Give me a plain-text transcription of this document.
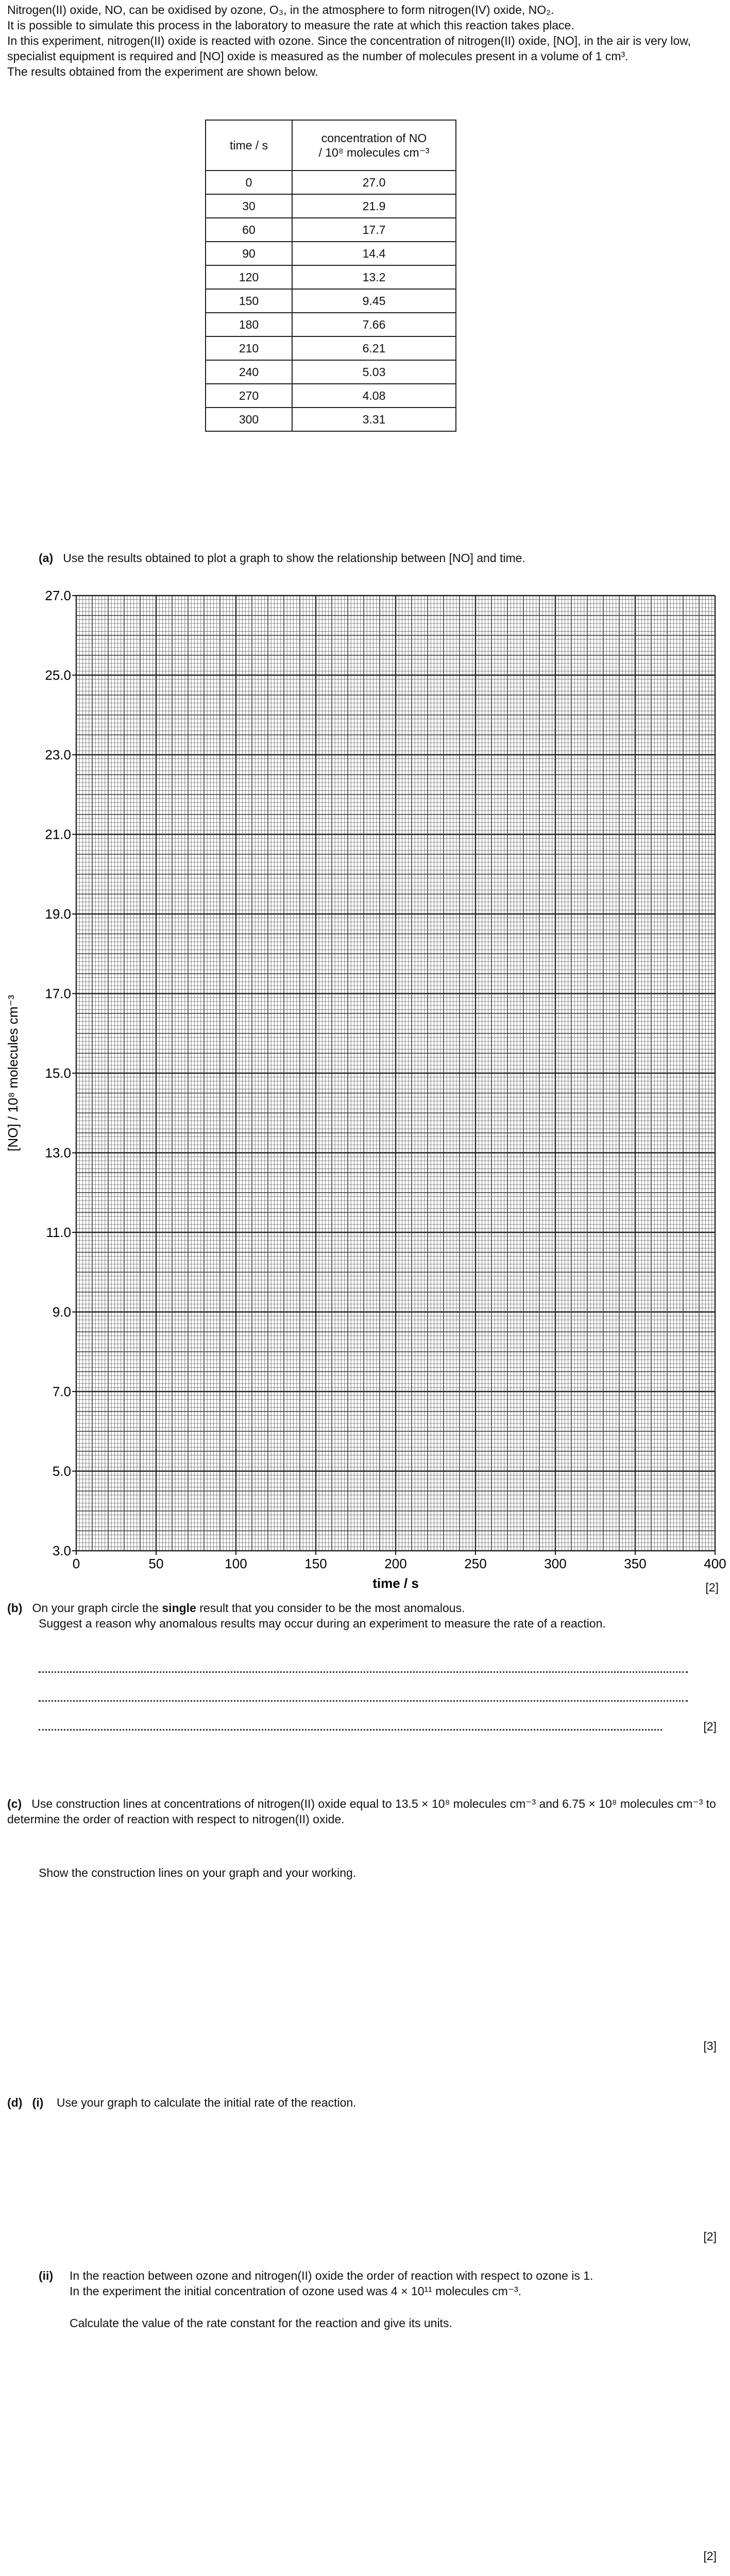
Nitrogen(II) oxide, NO, can be oxidised by ozone, O₃, in the atmosphere to form nitrogen(IV) oxide, NO₂.

It is possible to simulate this process in the laboratory to measure the rate at which this reaction takes place.

In this experiment, nitrogen(II) oxide is reacted with ozone. Since the concentration of nitrogen(II) oxide, [NO], in the air is very low, specialist equipment is required and [NO] oxide is measured as the number of molecules present in a volume of 1 cm³.

The results obtained from the experiment are shown below.

time / s	concentration of NO
/ 10⁸ molecules cm⁻³
0	27.0
30	21.9
60	17.7
90	14.4
120	13.2
150	9.45
180	7.66
210	6.21
240	5.03
270	4.08
300	3.31
(a) Use the results obtained to plot a graph to show the relationship between [NO] and time.
0	50	100	150	200	250	300	350	400
3.0
5.0
7.0
9.0
11.0
13.0
15.0
17.0
19.0
21.0
23.0
25.0
27.0
time / s
[NO] / 10⁸ molecules cm⁻³
[2]
(b) On your graph circle the single result that you consider to be the most anomalous.
Suggest a reason why anomalous results may occur during an experiment to measure the rate of a reaction.
[2]
(c) Use construction lines at concentrations of nitrogen(II) oxide equal to 13.5 × 10⁸ molecules cm⁻³ and 6.75 × 10⁸ molecules cm⁻³ to determine the order of reaction with respect to nitrogen(II) oxide.
Show the construction lines on your graph and your working.
[3]
(d) (i) Use your graph to calculate the initial rate of the reaction.
[2]
(ii) In the reaction between ozone and nitrogen(II) oxide the order of reaction with respect to ozone is 1.
In the experiment the initial concentration of ozone used was 4 × 10¹¹ molecules cm⁻³.
Calculate the value of the rate constant for the reaction and give its units.
[2]
